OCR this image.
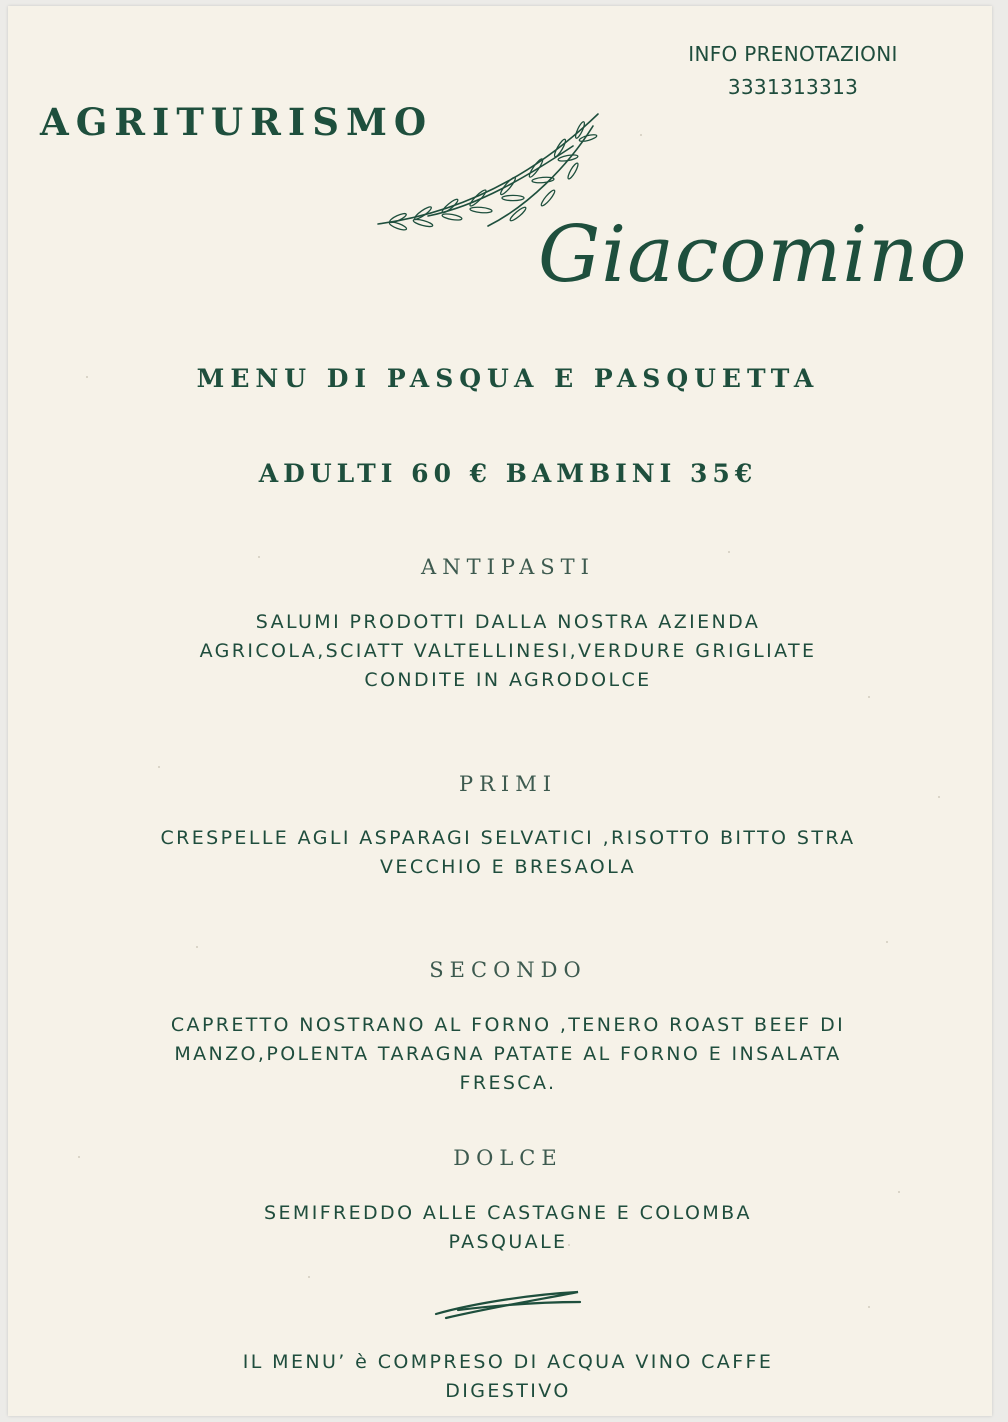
INFO PRENOTAZIONI
3331313313
AGRITURISMO
Giacomino
MENU DI PASQUA E PASQUETTA
ADULTI 60 € BAMBINI 35€
ANTIPASTI
SALUMI PRODOTTI DALLA NOSTRA AZIENDA
AGRICOLA,SCIATT VALTELLINESI,VERDURE GRIGLIATE
CONDITE IN AGRODOLCE
PRIMI
CRESPELLE AGLI ASPARAGI SELVATICI ,RISOTTO BITTO STRA
VECCHIO E BRESAOLA
SECONDO
CAPRETTO NOSTRANO AL FORNO ,TENERO ROAST BEEF DI
MANZO,POLENTA TARAGNA PATATE AL FORNO E INSALATA
FRESCA.
DOLCE
SEMIFREDDO ALLE CASTAGNE E COLOMBA
PASQUALE
IL MENU’ è COMPRESO DI ACQUA VINO CAFFE
DIGESTIVO
